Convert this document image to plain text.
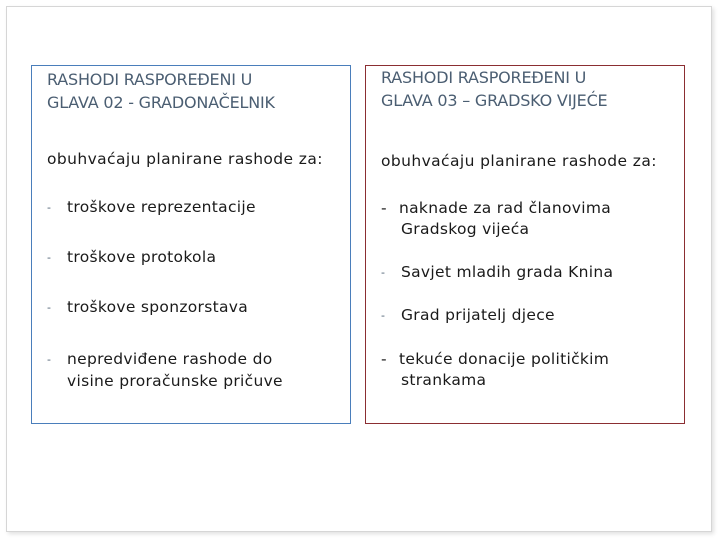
RASHODI RASPOREĐENI U
GLAVA 02 - GRADONAČELNIK
obuhvaćaju planirane rashode za:
- troškove reprezentacije
- troškove protokola
- troškove sponzorstava
- nepredviđene rashode do
visine proračunske pričuve
RASHODI RASPOREĐENI U
GLAVA 03 – GRADSKO VIJEĆE
obuhvaćaju planirane rashode za:
- naknade za rad članovima
Gradskog vijeća
- Savjet mladih grada Knina
- Grad prijatelj djece
- tekuće donacije političkim
strankama
